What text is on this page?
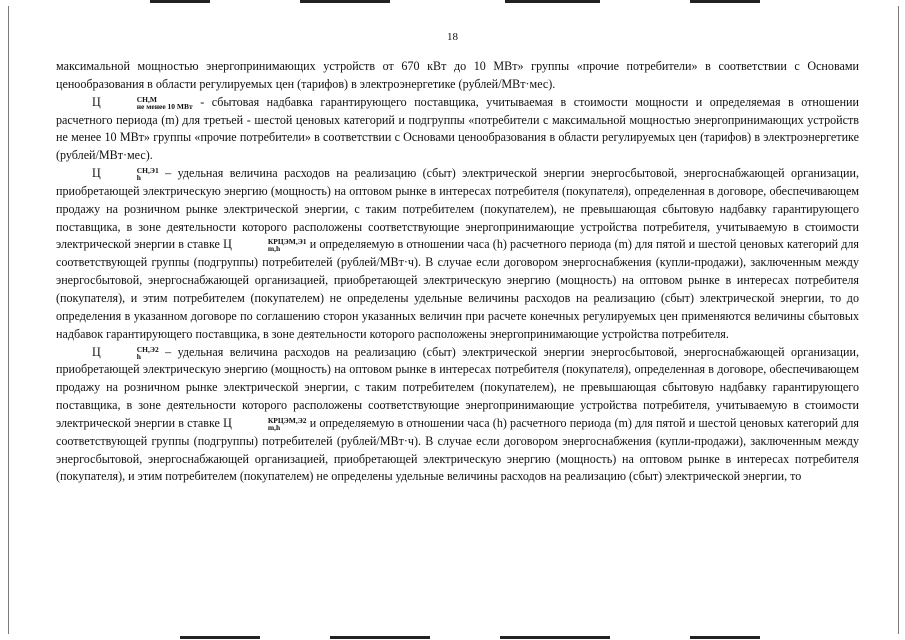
18

максимальной мощностью энергопринимающих устройств от 670 кВт до 10 МВт» группы «прочие потребители» в соответствии с Основами ценообразования в области регулируемых цен (тарифов) в электроэнергетике (рублей/МВт·мес).

Ц	СН,М
не менее 10 МВт - сбытовая надбавка гарантирующего поставщика, учитываемая в стоимости мощности и определяемая в отношении расчетного периода (m) для третьей - шестой ценовых категорий и подгруппы «потребители с максимальной мощностью энергопринимающих устройств не менее 10 МВт» группы «прочие потребители» в соответствии с Основами ценообразования в области регулируемых цен (тарифов) в электроэнергетике (рублей/МВт·мес).

Ц	СН,Э1
h	– удельная величина расходов на реализацию (сбыт) электрической энергии энергосбытовой, энергоснабжающей организации, приобретающей электрическую энергию (мощность) на оптовом рынке в интересах потребителя (покупателя), определенная в договоре, обеспечивающем продажу на розничном рынке электрической энергии, с таким потребителем (покупателем), не превышающая сбытовую надбавку гарантирующего поставщика, в зоне деятельности которого расположены соответствующие энергопринимающие устройства потребителя, учитываемую в стоимости электрической энергии в ставке Ц	КРЦЭМ,Э1
m,h	и определяемую в отношении часа (h) расчетного периода (m) для пятой и шестой ценовых категорий для соответствующей группы (подгруппы) потребителей (рублей/МВт·ч). В случае если договором энергоснабжения (купли-продажи), заключенным между энергосбытовой, энергоснабжающей организацией, приобретающей электрическую энергию (мощность) на оптовом рынке в интересах потребителя (покупателя), и этим потребителем (покупателем) не определены удельные величины расходов на реализацию (сбыт) электрической энергии, то до определения в указанном договоре по соглашению сторон указанных величин при расчете конечных регулируемых цен применяются величины сбытовых надбавок гарантирующего поставщика, в зоне деятельности которого расположены энергопринимающие устройства потребителя.

Ц	СН,Э2
h	– удельная величина расходов на реализацию (сбыт) электрической энергии энергосбытовой, энергоснабжающей организации, приобретающей электрическую энергию (мощность) на оптовом рынке в интересах потребителя (покупателя), определенная в договоре, обеспечивающем продажу на розничном рынке электрической энергии, с таким потребителем (покупателем), не превышающая сбытовую надбавку гарантирующего поставщика, в зоне деятельности которого расположены соответствующие энергопринимающие устройства потребителя, учитываемую в стоимости электрической энергии в ставке Ц	КРЦЭМ,Э2
m,h	и определяемую в отношении часа (h) расчетного периода (m) для пятой и шестой ценовых категорий для соответствующей группы (подгруппы) потребителей (рублей/МВт·ч). В случае если договором энергоснабжения (купли-продажи), заключенным между энергосбытовой, энергоснабжающей организацией, приобретающей электрическую энергию (мощность) на оптовом рынке в интересах потребителя (покупателя), и этим потребителем (покупателем) не определены удельные величины расходов на реализацию (сбыт) электрической энергии, то
